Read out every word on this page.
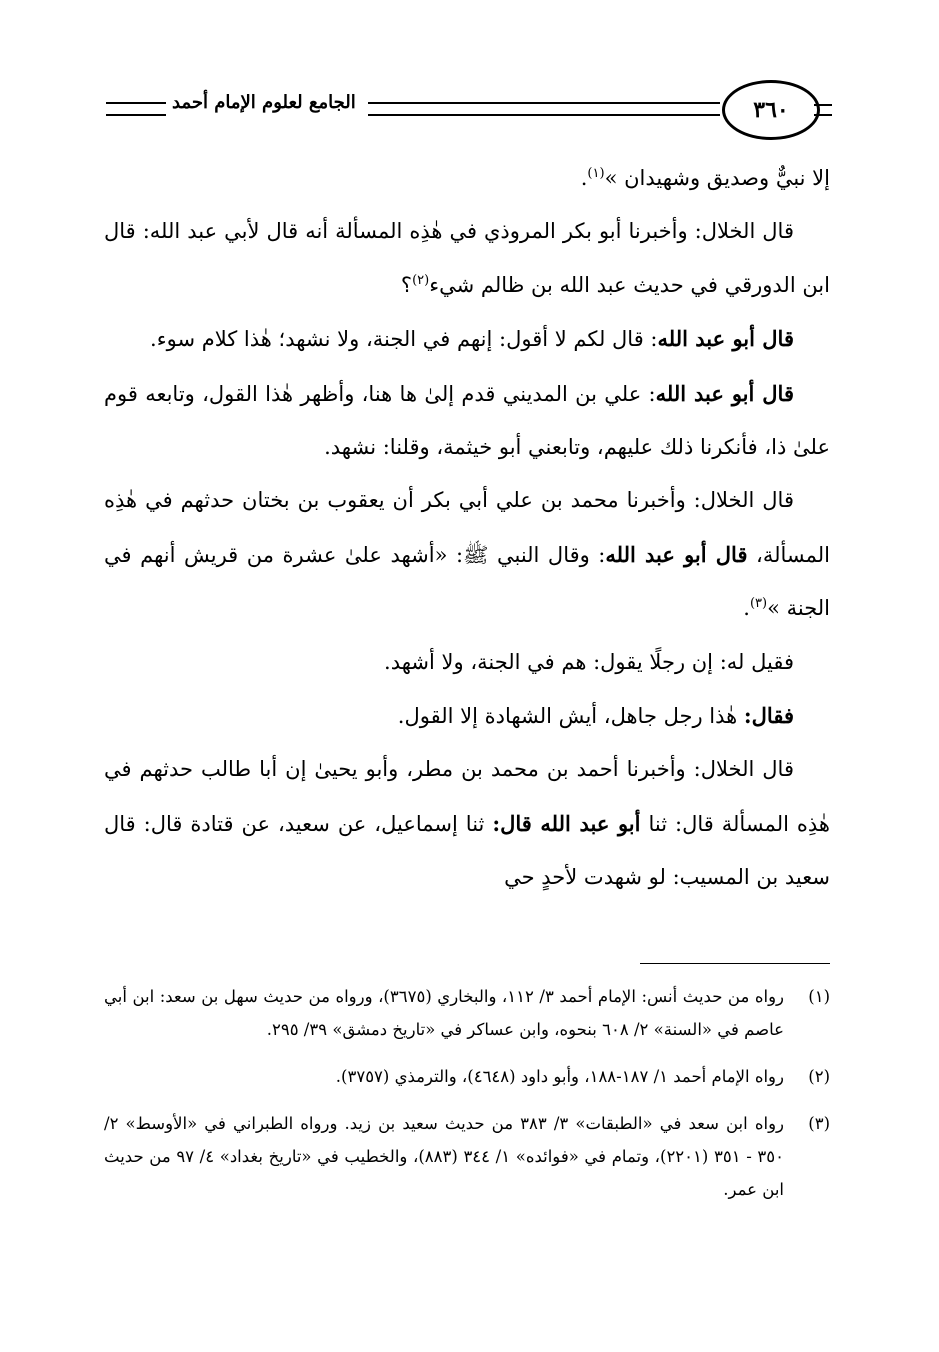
الجامع لعلوم الإمام أحمد	٣٦٠

إلا نبيٌّ وصديق وشهيدان »$^{(١)}$.

قال الخلال: وأخبرنا أبو بكر المروذي في هٰذِه المسألة أنه قال لأبي عبد الله: قال ابن الدورقي في حديث عبد الله بن ظالم شيء$^{(٢)}$؟

قال أبو عبد الله: قال لكم لا أقول: إنهم في الجنة، ولا نشهد؛ هٰذا كلام سوء.

قال أبو عبد الله: علي بن المديني قدم إلىٰ ها هنا، وأظهر هٰذا القول، وتابعه قوم علىٰ ذا، فأنكرنا ذلك عليهم، وتابعني أبو خيثمة، وقلنا: نشهد.

قال الخلال: وأخبرنا محمد بن علي أبي بكر أن يعقوب بن بختان حدثهم في هٰذِه المسألة، قال أبو عبد الله: وقال النبي ﷺ: «أشهد علىٰ عشرة من قريش أنهم في الجنة »$^{(٣)}$.

فقيل له: إن رجلًا يقول: هم في الجنة، ولا أشهد.

فقال: هٰذا رجل جاهل، أيش الشهادة إلا القول.

قال الخلال: وأخبرنا أحمد بن محمد بن مطر، وأبو يحيىٰ إن أبا طالب حدثهم في هٰذِه المسألة قال: ثنا أبو عبد الله قال: ثنا إسماعيل، عن سعيد، عن قتادة قال: قال سعيد بن المسيب: لو شهدت لأحدٍ حي

(١)
رواه من حديث أنس: الإمام أحمد ٣/ ١١٢، والبخاري (٣٦٧٥)، ورواه من حديث سهل بن سعد: ابن أبي عاصم في «السنة» ٢/ ٦٠٨ بنحوه، وابن عساكر في «تاريخ دمشق» ٣٩/ ٢٩٥.
(٢)
رواه الإمام أحمد ١/ ١٨٧-١٨٨، وأبو داود (٤٦٤٨)، والترمذي (٣٧٥٧).
(٣)
رواه ابن سعد في «الطبقات» ٣/ ٣٨٣ من حديث سعيد بن زيد. ورواه الطبراني في «الأوسط» ٢/ ٣٥٠ - ٣٥١ (٢٢٠١)، وتمام في «فوائده» ١/ ٣٤٤ (٨٨٣)، والخطيب في «تاريخ بغداد» ٤/ ٩٧ من حديث ابن عمر.
